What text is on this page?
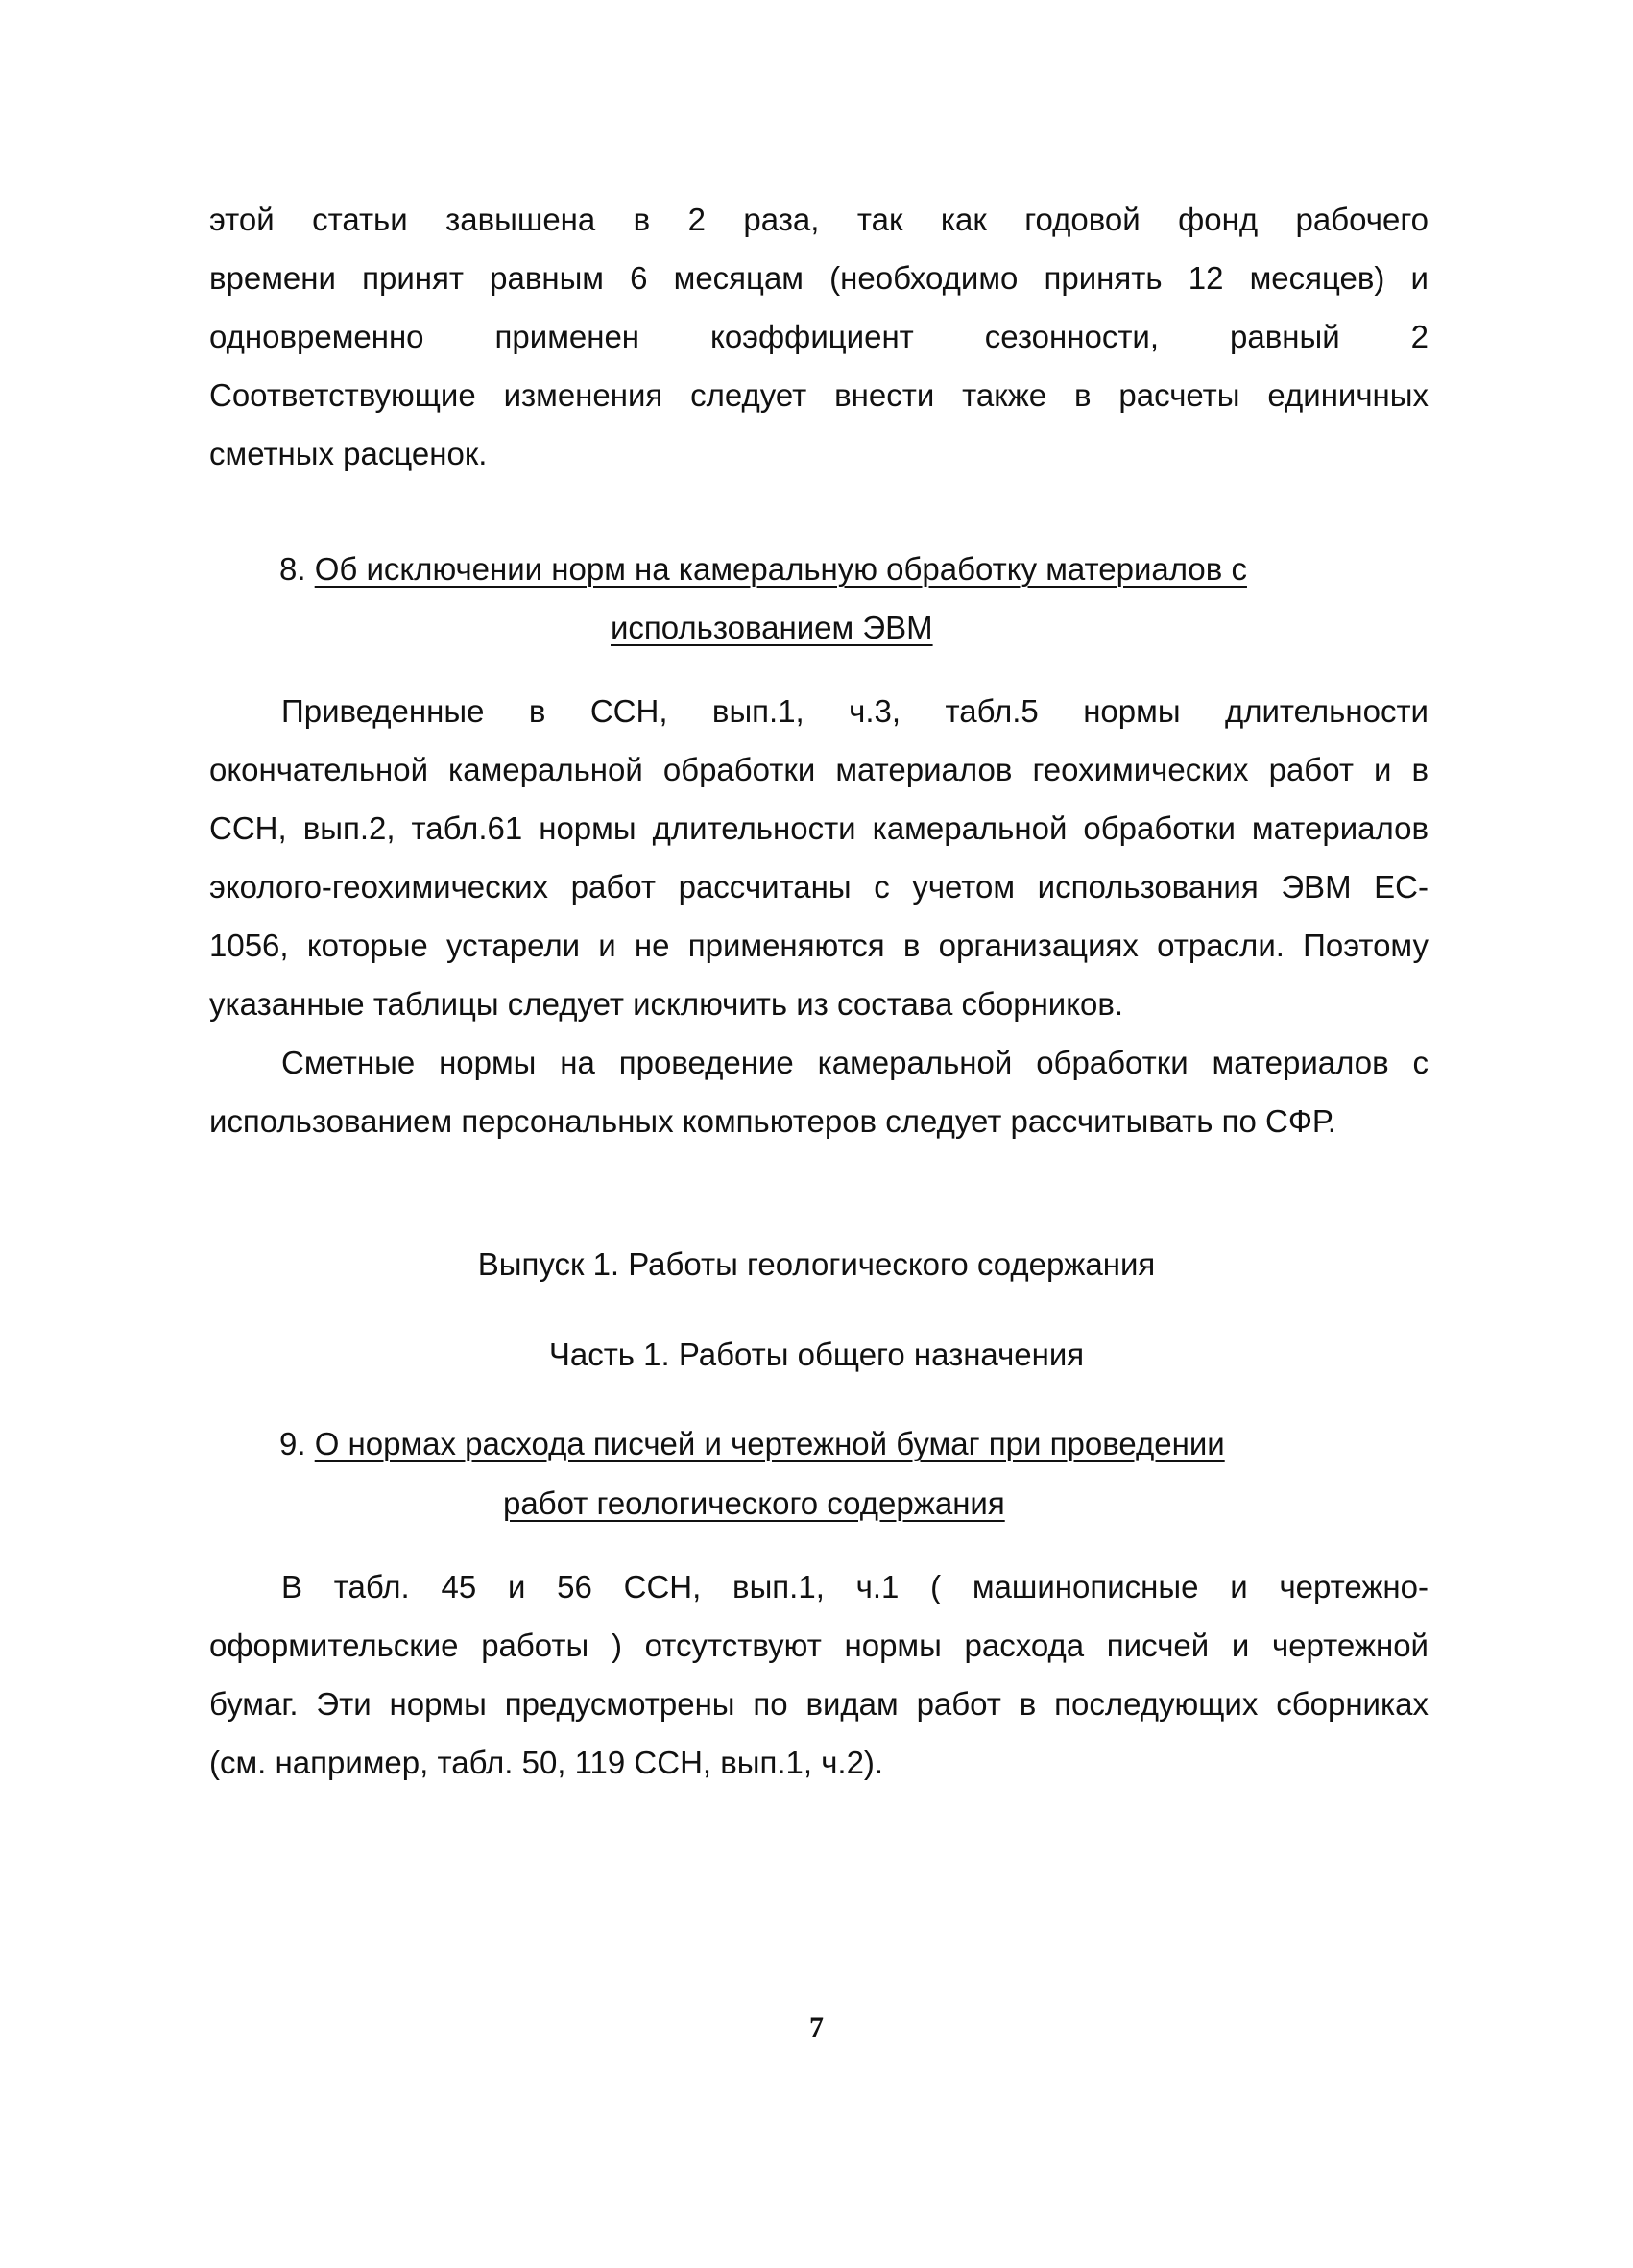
этой статьи завышена в 2 раза, так как годовой фонд рабочего
времени принят равным 6 месяцам (необходимо принять 12 месяцев) и
одновременно применен коэффициент сезонности, равный 2
Соответствующие изменения следует внести также в расчеты единичных
сметных расценок.
8. Об исключении норм на камеральную обработку материалов с
использованием ЭВМ
Приведенные в ССН, вып.1, ч.3, табл.5 нормы длительности
окончательной камеральной обработки материалов геохимических работ и в
ССН, вып.2, табл.61 нормы длительности камеральной обработки материалов
эколого-геохимических работ рассчитаны с учетом использования ЭВМ ЕС-
1056, которые устарели и не применяются в организациях отрасли. Поэтому
указанные таблицы следует исключить из состава сборников.
Сметные нормы на проведение камеральной обработки материалов с
использованием персональных компьютеров следует рассчитывать по СФР.
Выпуск 1. Работы геологического содержания
Часть 1. Работы общего назначения
9. О нормах расхода писчей и чертежной бумаг при проведении
работ геологического содержания
В табл. 45 и 56 ССН, вып.1, ч.1 ( машинописные и чертежно-
оформительские работы ) отсутствуют нормы расхода писчей и чертежной
бумаг. Эти нормы предусмотрены по видам работ в последующих сборниках
(см. например, табл. 50, 119 ССН, вып.1, ч.2).
7
